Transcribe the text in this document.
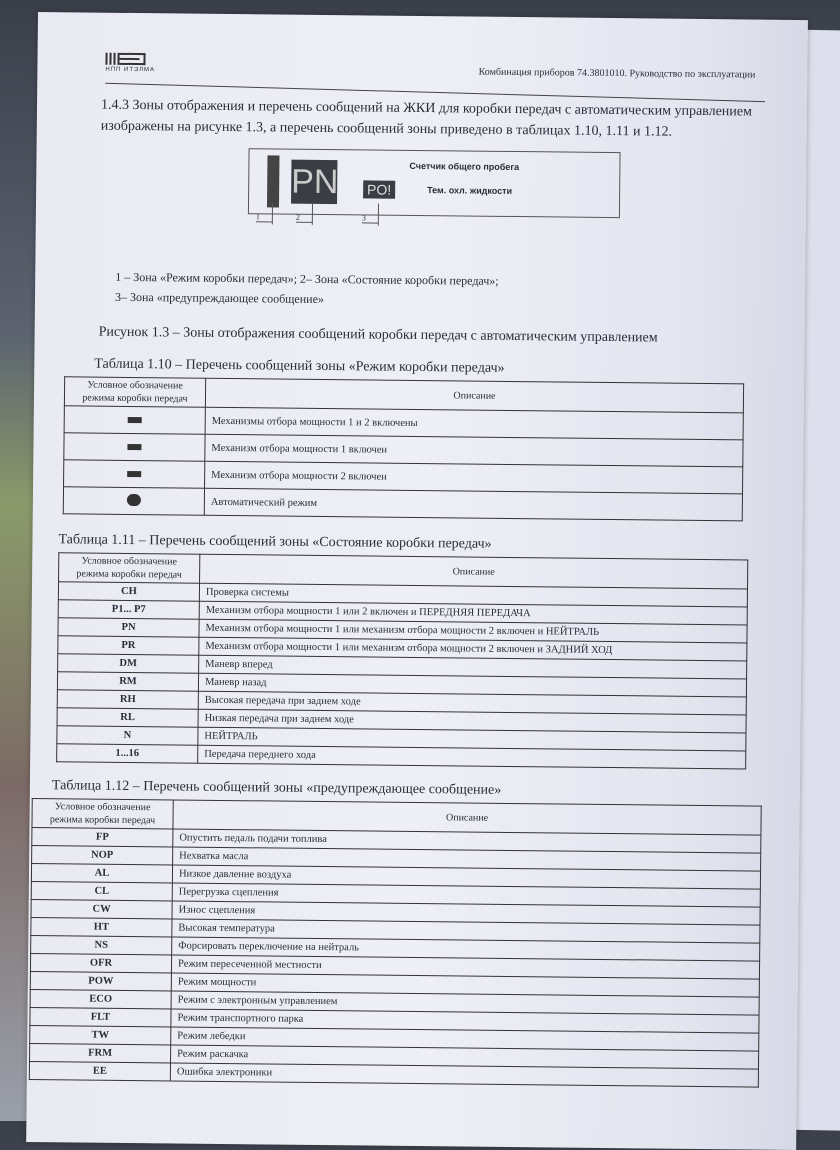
НПП ИТЭЛМА	Комбинация приборов 74.3801010. Руководство по эксплуатации
1.4.3 Зоны отображения и перечень сообщений на ЖКИ для коробки передач с автоматическим управлением изображены на рисунке 1.3, а перечень сообщений зоны приведено в таблицах 1.10, 1.11 и 1.12.
PN PO!
Счетчик общего пробега
Тем. охл. жидкости
1	2	3
1 – Зона «Режим коробки передач»; 2– Зона «Состояние коробки передач»;
3– Зона «предупреждающее сообщение»
Рисунок 1.3 – Зоны отображения сообщений коробки передач с автоматическим управлением
Таблица 1.10 – Перечень сообщений зоны «Режим коробки передач»
Условное обозначение режима коробки передач	Описание
	Механизмы отбора мощности 1 и 2 включены
	Механизм отбора мощности 1 включен
	Механизм отбора мощности 2 включен
	Автоматический режим
Таблица 1.11 – Перечень сообщений зоны «Состояние коробки передач»
Условное обозначение режима коробки передач	Описание
CH	Проверка системы
P1... P7	Механизм отбора мощности 1 или 2 включен и ПЕРЕДНЯЯ ПЕРЕДАЧА
PN	Механизм отбора мощности 1 или механизм отбора мощности 2 включен и НЕЙТРАЛЬ
PR	Механизм отбора мощности 1 или механизм отбора мощности 2 включен и ЗАДНИЙ ХОД
DM	Маневр вперед
RM	Маневр назад
RH	Высокая передача при заднем ходе
RL	Низкая передача при заднем ходе
N	НЕЙТРАЛЬ
1...16	Передача переднего хода
Таблица 1.12 – Перечень сообщений зоны «предупреждающее сообщение»
Условное обозначение режима коробки передач	Описание
FP	Опустить педаль подачи топлива
NOP	Нехватка масла
AL	Низкое давление воздуха
CL	Перегрузка сцепления
CW	Износ сцепления
HT	Высокая температура
NS	Форсировать переключение на нейтраль
OFR	Режим пересеченной местности
POW	Режим мощности
ECO	Режим с электронным управлением
FLT	Режим транспортного парка
TW	Режим лебедки
FRM	Режим раскачка
EE	Ошибка электроники
